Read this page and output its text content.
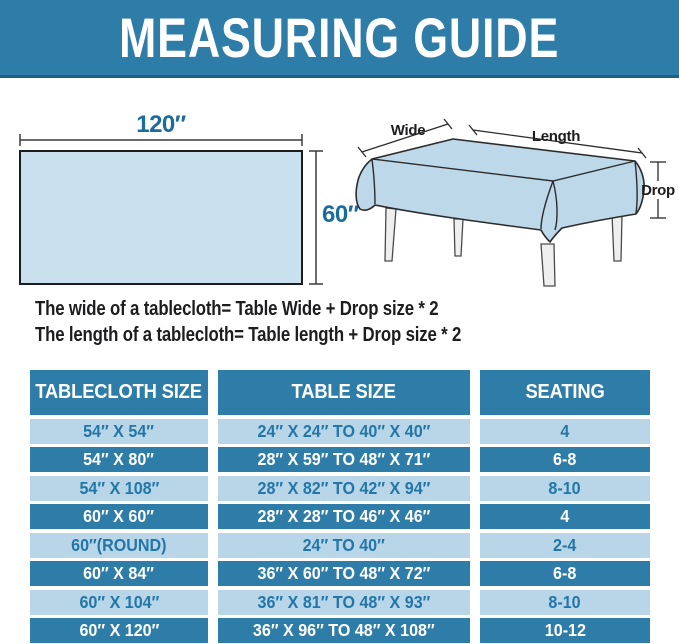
MEASURING GUIDE
120″
60″
Wide	Length
Drop

The wide of a tablecloth= Table Wide + Drop size * 2

The length of a tablecloth= Table length + Drop size * 2

TABLECLOTH SIZE	TABLE SIZE	SEATING
54″ X 54″	24″ X 24″ TO 40″ X 40″	4
54″ X 80″	28″ X 59″ TO 48″ X 71″	6-8
54″ X 108″	28″ X 82″ TO 42″ X 94″	8-10
60″ X 60″	28″ X 28″ TO 46″ X 46″	4
60″(ROUND)	24″ TO 40″	2-4
60″ X 84″	36″ X 60″ TO 48″ X 72″	6-8
60″ X 104″	36″ X 81″ TO 48″ X 93″	8-10
60″ X 120″	36″ X 96″ TO 48″ X 108″	10-12
